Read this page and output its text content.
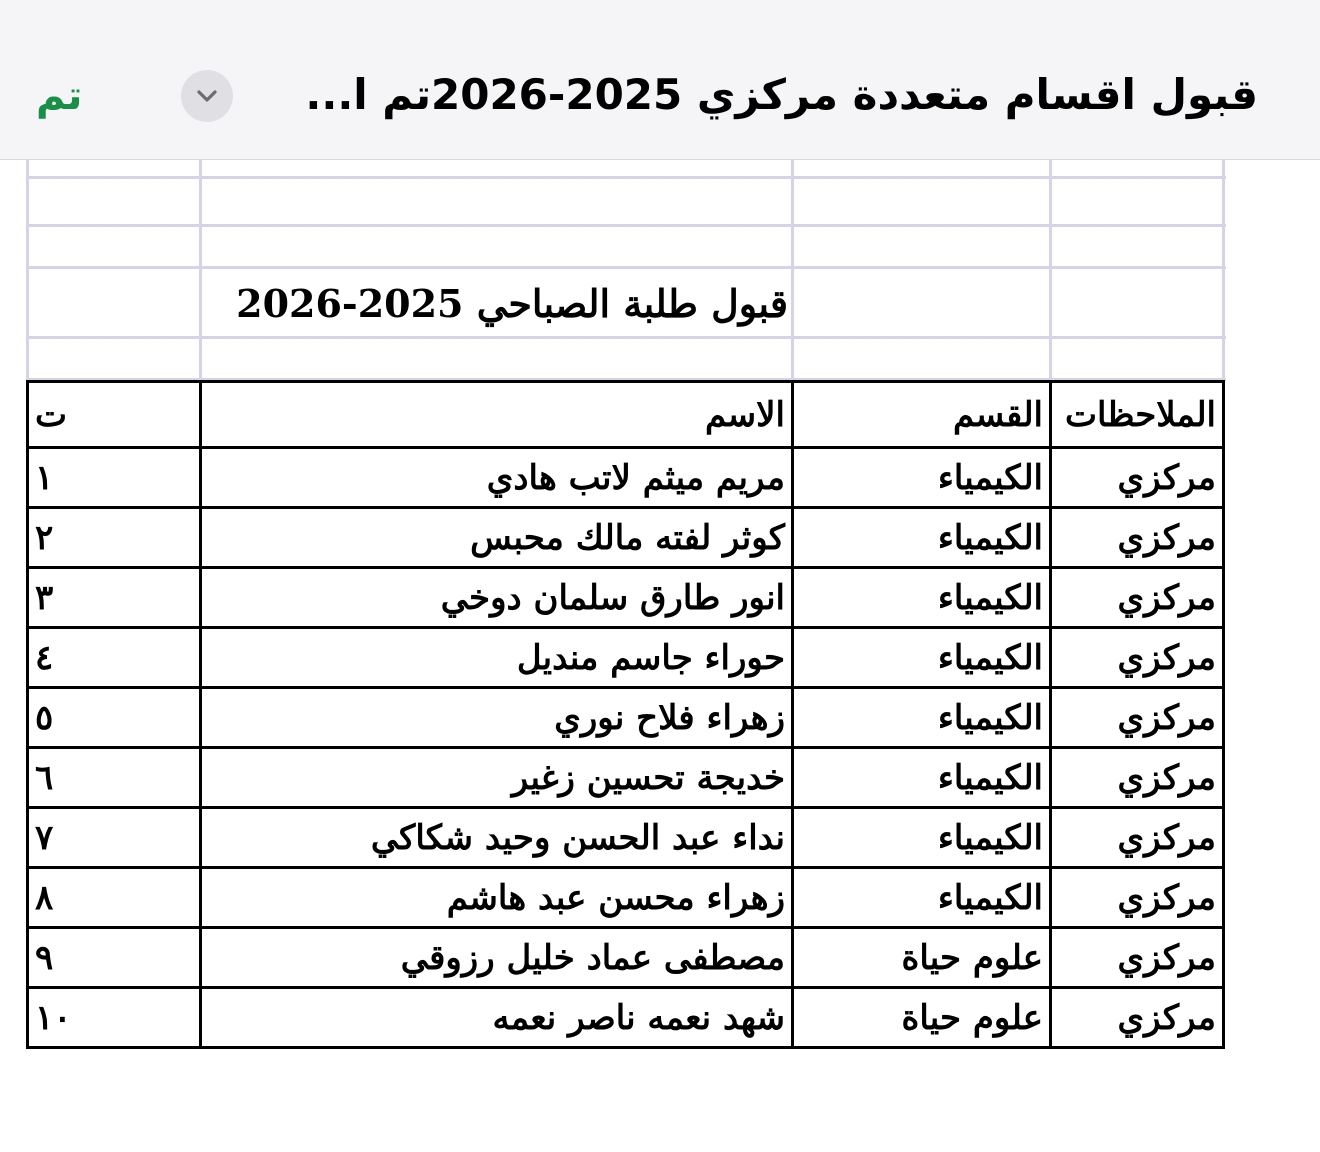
تم	قبول اقسام متعددة مركزي 2025-2026تم ا...
قبول طلبة الصباحي 2025-2026
الملاحظات	القسم	الاسم	ت
مركزي	الكيمياء	مريم ميثم لاتب هادي	١
مركزي	الكيمياء	كوثر لفته مالك محبس	٢
مركزي	الكيمياء	انور طارق سلمان دوخي	٣
مركزي	الكيمياء	حوراء جاسم منديل	٤
مركزي	الكيمياء	زهراء فلاح نوري	٥
مركزي	الكيمياء	خديجة تحسين زغير	٦
مركزي	الكيمياء	نداء عبد الحسن وحيد شكاكي	٧
مركزي	الكيمياء	زهراء محسن عبد هاشم	٨
مركزي	علوم حياة	مصطفى عماد خليل رزوقي	٩
مركزي	علوم حياة	شهد نعمه ناصر نعمه	١٠
